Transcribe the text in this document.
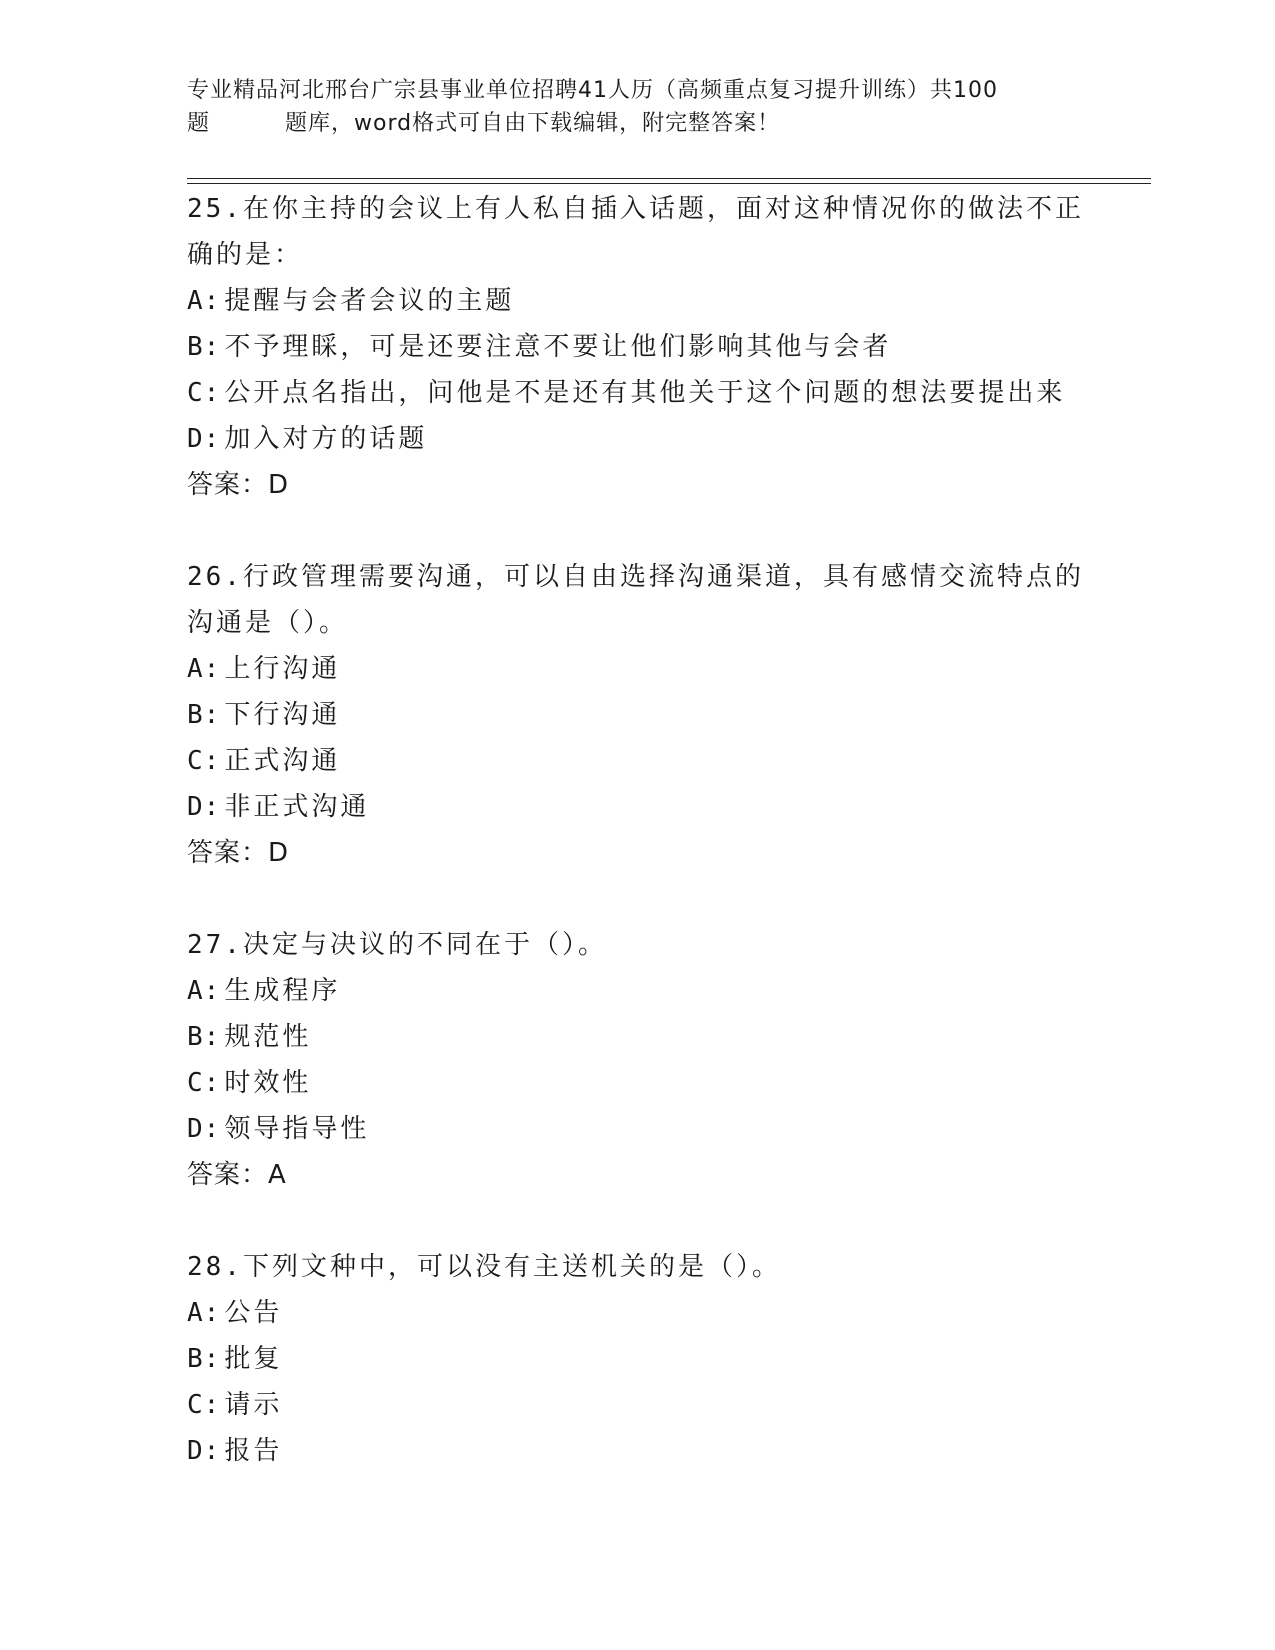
专业精品河北邢台广宗县事业单位招聘41人历（高频重点复习提升训练）共100
题	题库，word格式可自由下载编辑，附完整答案！
25.在你主持的会议上有人私自插入话题，面对这种情况你的做法不正
确的是：
A: 提醒与会者会议的主题
B: 不予理睬，可是还要注意不要让他们影响其他与会者
C: 公开点名指出，问他是不是还有其他关于这个问题的想法要提出来
D: 加入对方的话题
答案：D
26.行政管理需要沟通，可以自由选择沟通渠道，具有感情交流特点的
沟通是（）。
A: 上行沟通
B: 下行沟通
C: 正式沟通
D: 非正式沟通
答案：D
27.决定与决议的不同在于（）。
A: 生成程序
B: 规范性
C: 时效性
D: 领导指导性
答案：A
28.下列文种中，可以没有主送机关的是（）。
A: 公告
B: 批复
C: 请示
D: 报告
